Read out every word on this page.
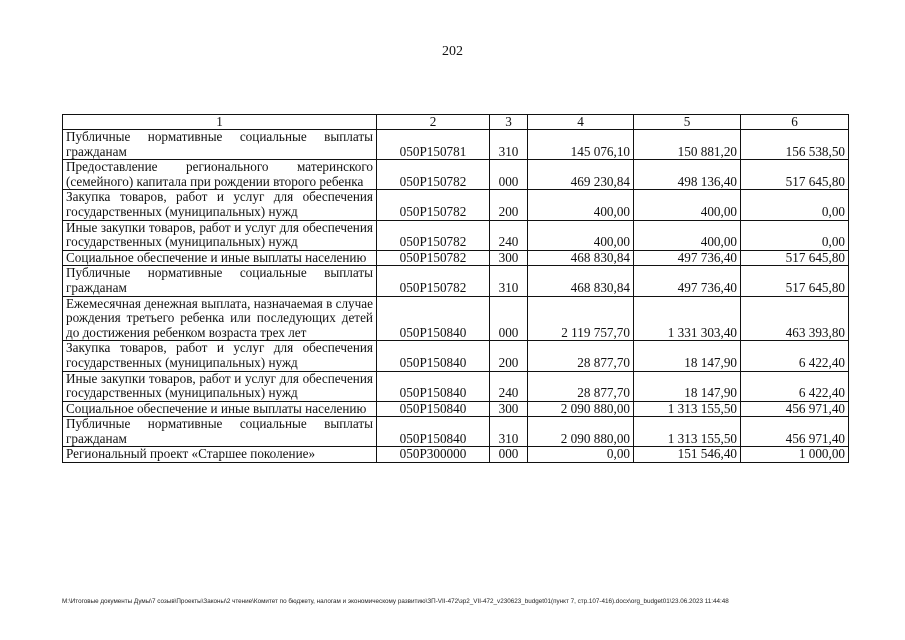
202
1	2	3	4	5	6
Публичные нормативные социальные выплаты гражданам	050P150781	310	145 076,10	150 881,20	156 538,50
Предоставление регионального материнского (семейного) капитала при рождении второго ребенка	050P150782	000	469 230,84	498 136,40	517 645,80
Закупка товаров, работ и услуг для обеспечения государственных (муниципальных) нужд	050P150782	200	400,00	400,00	0,00
Иные закупки товаров, работ и услуг для обеспечения государственных (муниципальных) нужд	050P150782	240	400,00	400,00	0,00
Социальное обеспечение и иные выплаты населению	050P150782	300	468 830,84	497 736,40	517 645,80
Публичные нормативные социальные выплаты гражданам	050P150782	310	468 830,84	497 736,40	517 645,80
Ежемесячная денежная выплата, назначаемая в случае рождения третьего ребенка или последующих детей до достижения ребенком возраста трех лет	050P150840	000	2 119 757,70	1 331 303,40	463 393,80
Закупка товаров, работ и услуг для обеспечения государственных (муниципальных) нужд	050P150840	200	28 877,70	18 147,90	6 422,40
Иные закупки товаров, работ и услуг для обеспечения государственных (муниципальных) нужд	050P150840	240	28 877,70	18 147,90	6 422,40
Социальное обеспечение и иные выплаты населению	050P150840	300	2 090 880,00	1 313 155,50	456 971,40
Публичные нормативные социальные выплаты гражданам	050P150840	310	2 090 880,00	1 313 155,50	456 971,40
Региональный проект «Старшее поколение»	050P300000	000	0,00	151 546,40	1 000,00
M:\Итоговые документы Думы\7 созыв\Проекты\Законы\2 чтение\Комитет по бюджету, налогам и экономическому развитию\ЗП-VII-472\зр2_VII-472_v230623_budget01(пункт 7, стр.107-416).docx\org_budget01\23.06.2023 11:44:48
